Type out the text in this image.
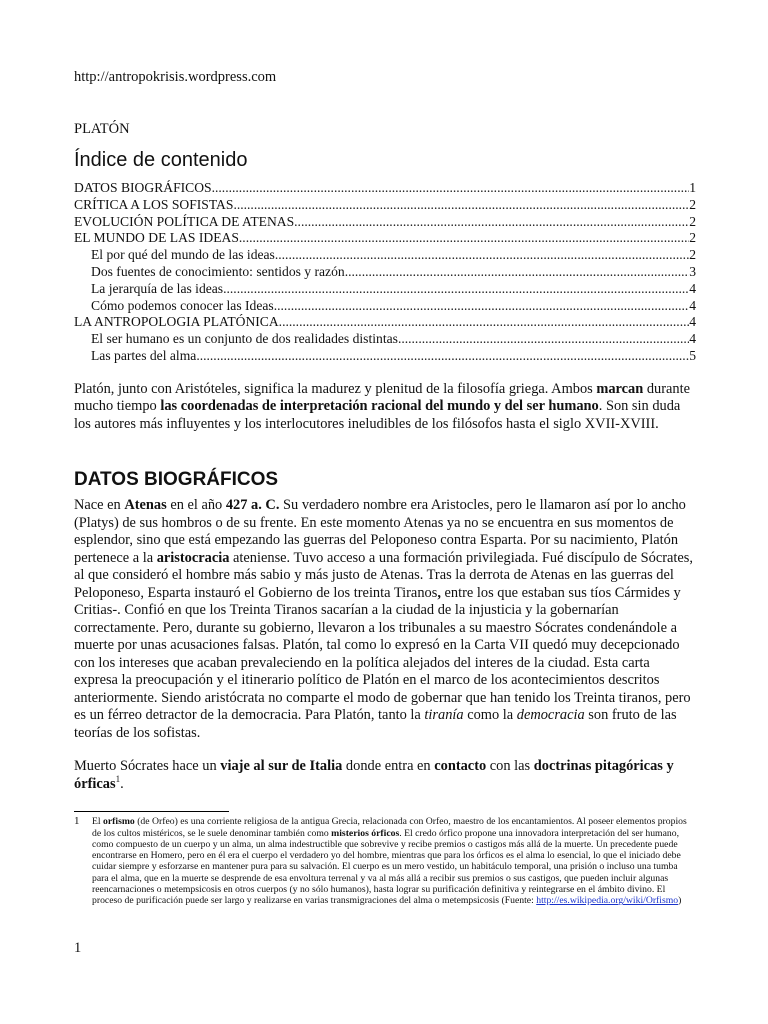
http://antropokrisis.wordpress.com
PLATÓN
Índice de contenido
DATOS BIOGRÁFICOS .....	1
CRÍTICA A LOS SOFISTAS .....	2
EVOLUCIÓN POLÍTICA DE ATENAS .....	2
EL MUNDO DE LAS IDEAS .....	2
El por qué del mundo de las ideas .....	2
Dos fuentes de conocimiento: sentidos y razón .....	3
La jerarquía de las ideas .....	4
Cómo podemos conocer las Ideas .....	4
LA ANTROPOLOGIA PLATÓNICA .....	4
El ser humano es un conjunto de dos realidades distintas .....	4
Las partes del alma .....	5

Platón, junto con Aristóteles, significa la madurez y plenitud de la filosofía griega. Ambos marcan durante mucho tiempo las coordenadas de interpretación racional del mundo y del ser humano. Son sin duda los autores más influyentes y los interlocutores ineludibles de los filósofos hasta el siglo XVII-XVIII.

DATOS BIOGRÁFICOS

Nace en Atenas en el año 427 a. C. Su verdadero nombre era Aristocles, pero le llamaron así por lo ancho (Platys) de sus hombros o de su frente. En este momento Atenas ya no se encuentra en sus momentos de esplendor, sino que está empezando las guerras del Peloponeso contra Esparta. Por su nacimiento, Platón pertenece a la aristocracia ateniense. Tuvo acceso a una formación privilegiada. Fué discípulo de Sócrates, al que consideró el hombre más sabio y más justo de Atenas. Tras la derrota de Atenas en las guerras del Peloponeso, Esparta instauró el Gobierno de los treinta Tiranos, entre los que estaban sus tíos Cármides y Critias-. Confió en que los Treinta Tiranos sacarían a la ciudad de la injusticia y la gobernarían correctamente. Pero, durante su gobierno, llevaron a los tribunales a su maestro Sócrates condenándole a muerte por unas acusaciones falsas. Platón, tal como lo expresó en la Carta VII quedó muy decepcionado con los intereses que acaban prevaleciendo en la política alejados del interes de la ciudad. Esta carta expresa la preocupación y el itinerario político de Platón en el marco de los acontecimientos descritos anteriormente. Siendo aristócrata no comparte el modo de gobernar que han tenido los Treinta tiranos, pero es un férreo detractor de la democracia. Para Platón, tanto la tiranía como la democracia son fruto de las teorías de los sofistas.

Muerto Sócrates hace un viaje al sur de Italia donde entra en contacto con las doctrinas pitagóricas y órficas$^1$.

1	El orfismo (de Orfeo) es una corriente religiosa de la antigua Grecia, relacionada con Orfeo, maestro de los encantamientos. Al poseer elementos propios de los cultos mistéricos, se le suele denominar también como misterios órficos. El credo órfico propone una innovadora interpretación del ser humano, como compuesto de un cuerpo y un alma, un alma indestructible que sobrevive y recibe premios o castigos más allá de la muerte. Un precedente puede encontrarse en Homero, pero en él era el cuerpo el verdadero yo del hombre, mientras que para los órficos es el alma lo esencial, lo que el iniciado debe cuidar siempre y esforzarse en mantener pura para su salvación. El cuerpo es un mero vestido, un habitáculo temporal, una prisión o incluso una tumba para el alma, que en la muerte se desprende de esa envoltura terrenal y va al más allá a recibir sus premios o sus castigos, que pueden incluir algunas reencarnaciones o metempsicosis en otros cuerpos (y no sólo humanos), hasta lograr su purificación definitiva y reintegrarse en el ámbito divino. El proceso de purificación puede ser largo y realizarse en varias transmigraciones del alma o metempsicosis (Fuente: http://es.wikipedia.org/wiki/Orfismo)
1
